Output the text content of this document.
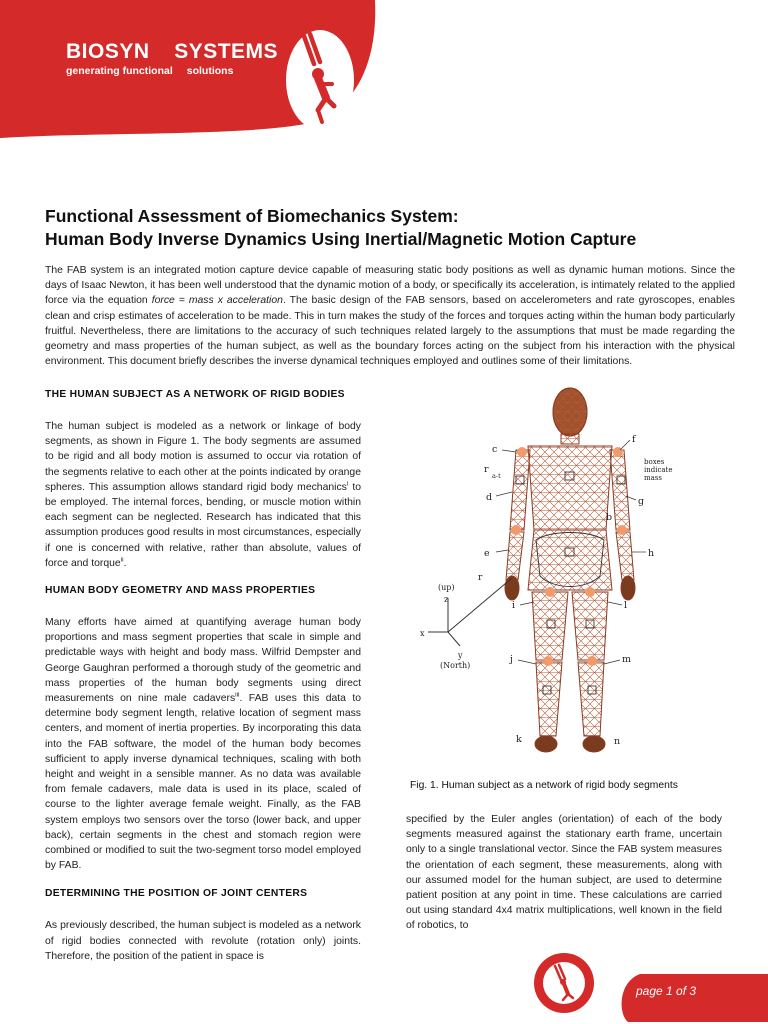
BIOSYN SYSTEMS
generating functional solutions
Functional Assessment of Biomechanics System:
Human Body Inverse Dynamics Using Inertial/Magnetic Motion Capture

The FAB system is an integrated motion capture device capable of measuring static body positions as well as dynamic human motions. Since the days of Isaac Newton, it has been well understood that the dynamic motion of a body, or specifically its acceleration, is intimately related to the applied force via the equation force = mass x acceleration. The basic design of the FAB sensors, based on accelerometers and rate gyroscopes, enables clean and crisp estimates of acceleration to be made. This in turn makes the study of the forces and torques acting within the human body particularly fruitful. Nevertheless, there are limitations to the accuracy of such techniques related largely to the assumptions that must be made regarding the geometry and mass properties of the human subject, as well as the boundary forces acting on the subject from his interaction with the physical environment. This document briefly describes the inverse dynamical techniques employed and outlines some of their limitations.

THE HUMAN SUBJECT AS A NETWORK OF RIGID BODIES

The human subject is modeled as a network or linkage of body segments, as shown in Figure 1. The body segments are assumed to be rigid and all body motion is assumed to occur via rotation of the segments relative to each other at the points indicated by orange spheres. This assumption allows standard rigid body mechanics$^i$ to be employed. The internal forces, bending, or muscle motion within each segment can be neglected. Research has indicated that this assumption produces good results in most circumstances, especially if one is concerned with relative, rather than absolute, values of force and torque$^{ii}$.

HUMAN BODY GEOMETRY AND MASS PROPERTIES

Many efforts have aimed at quantifying average human body proportions and mass segment properties that scale in simple and predictable ways with height and body mass. Wilfrid Dempster and George Gaughran performed a thorough study of the geometric and mass properties of the human body segments using direct measurements on nine male cadavers$^{iii}$. FAB uses this data to determine body segment length, relative location of segment mass centers, and moment of inertia properties. By incorporating this data into the FAB software, the model of the human body becomes sufficient to apply inverse dynamical techniques, scaling with both height and weight in a sensible manner. As no data was available from female cadavers, male data is used in its place, scaled of course to the lighter average female weight. Finally, as the FAB system employs two sensors over the torso (lower back, and upper back), certain segments in the chest and stomach region were combined or modified to suit the two-segment torso model employed by FAB.

DETERMINING THE POSITION OF JOINT CENTERS

As previously described, the human subject is modeled as a network of rigid bodies connected with revolute (rotation only) joints. Therefore, the position of the patient in space is

c
f
r
a-t
boxes
indicate
mass
d
b
g
e	h
(up)
z
r
i	l
x
y
(North)
j	m
k	n
Fig. 1. Human subject as a network of rigid body segments

specified by the Euler angles (orientation) of each of the body segments measured against the stationary earth frame, uncertain only to a single translational vector. Since the FAB system measures the orientation of each segment, these measurements, along with our assumed model for the human subject, are used to determine patient position at any point in time. These calculations are carried out using standard 4x4 matrix multiplications, well known in the field of robotics, to

page 1 of 3
